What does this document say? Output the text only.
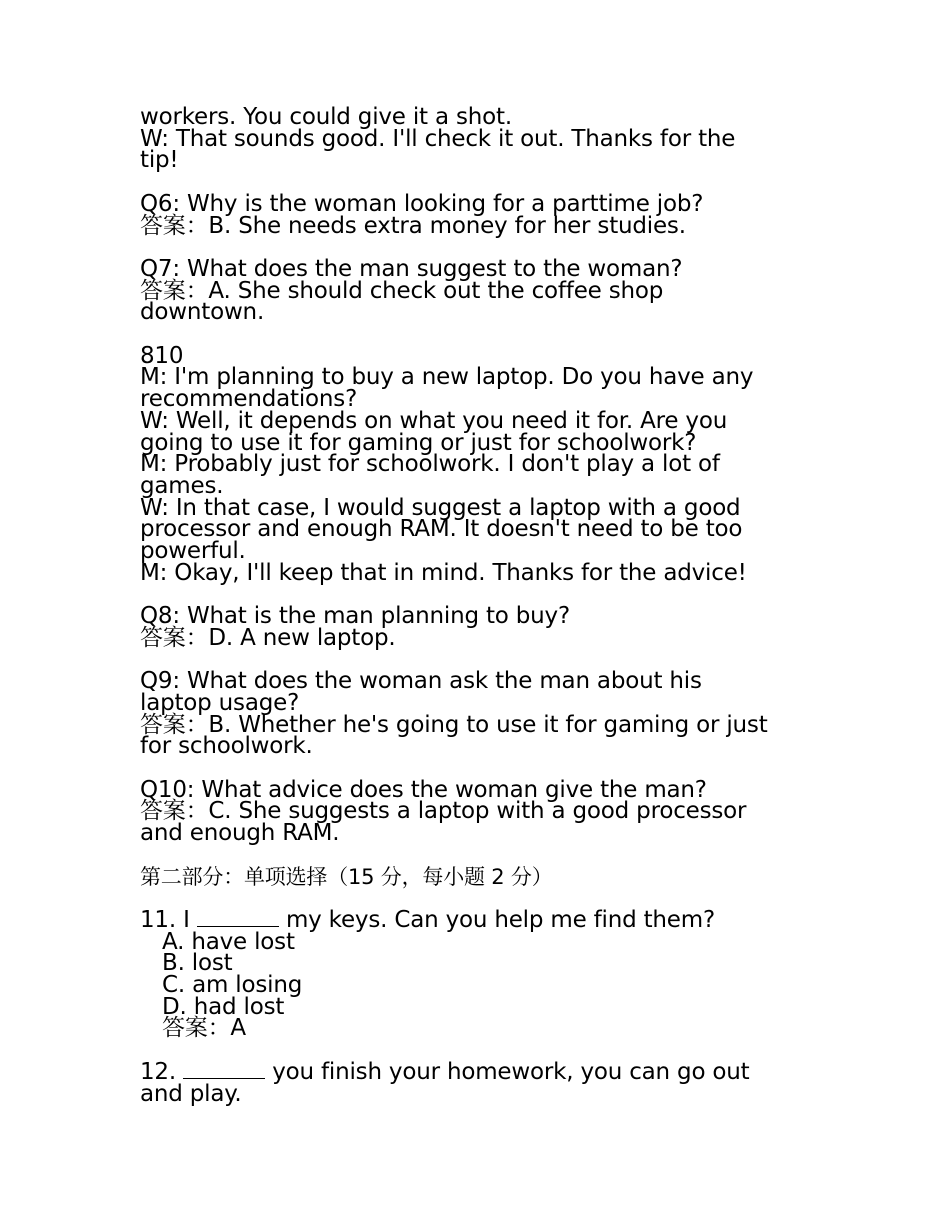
workers. You could give it a shot.
W: That sounds good. I'll check it out. Thanks for the
tip!
Q6: Why is the woman looking for a parttime job?
答案：B. She needs extra money for her studies.
Q7: What does the man suggest to the woman?
答案：A. She should check out the coffee shop
downtown.
810
M: I'm planning to buy a new laptop. Do you have any
recommendations?
W: Well, it depends on what you need it for. Are you
going to use it for gaming or just for schoolwork?
M: Probably just for schoolwork. I don't play a lot of
games.
W: In that case, I would suggest a laptop with a good
processor and enough RAM. It doesn't need to be too
powerful.
M: Okay, I'll keep that in mind. Thanks for the advice!
Q8: What is the man planning to buy?
答案：D. A new laptop.
Q9: What does the woman ask the man about his
laptop usage?
答案：B. Whether he's going to use it for gaming or just
for schoolwork.
Q10: What advice does the woman give the man?
答案：C. She suggests a laptop with a good processor
and enough RAM.
第二部分：单项选择（15 分，每小题 2 分）
11. I	my keys. Can you help me find them?
A. have lost
B. lost
C. am losing
D. had lost
答案：A
12.	you finish your homework, you can go out
and play.
